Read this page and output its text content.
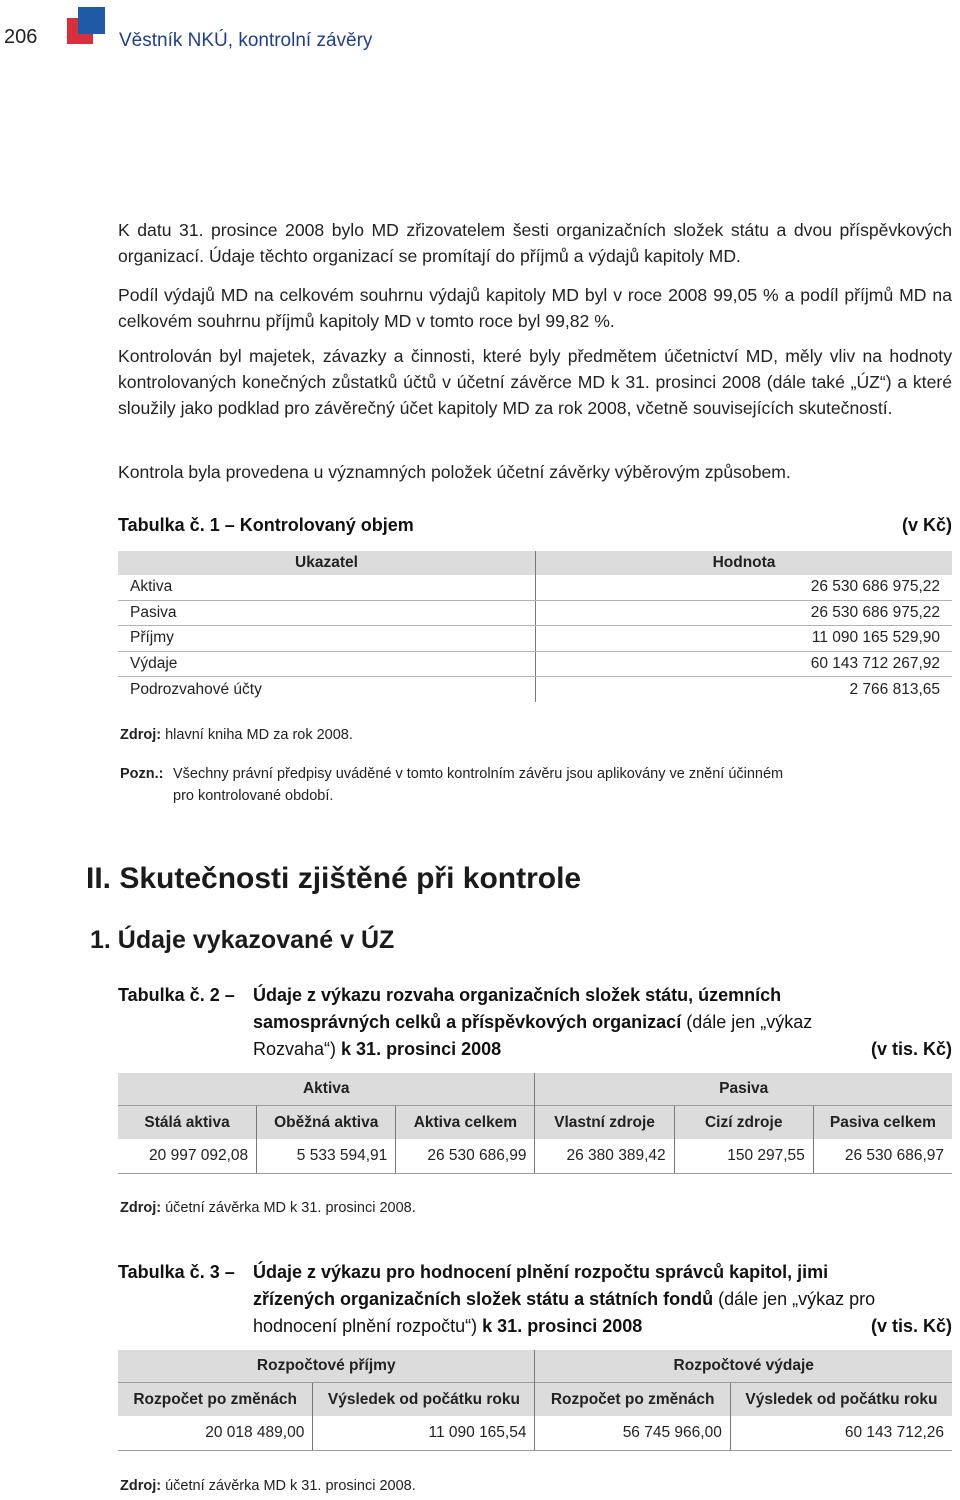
206	Věstník NKÚ, kontrolní závěry
K datu 31. prosince 2008 bylo MD zřizovatelem šesti organizačních složek státu a dvou příspěvkových organizací. Údaje těchto organizací se promítají do příjmů a výdajů kapitoly MD.
Podíl výdajů MD na celkovém souhrnu výdajů kapitoly MD byl v roce 2008 99,05 % a podíl příjmů MD na celkovém souhrnu příjmů kapitoly MD v tomto roce byl 99,82 %.
Kontrolován byl majetek, závazky a činnosti, které byly předmětem účetnictví MD, měly vliv na hodnoty kontrolovaných konečných zůstatků účtů v účetní závěrce MD k 31. prosinci 2008 (dále také „ÚZ“) a které sloužily jako podklad pro závěrečný účet kapitoly MD za rok 2008, včetně souvisejících skutečností.
Kontrola byla provedena u významných položek účetní závěrky výběrovým způsobem.
Tabulka č. 1 – Kontrolovaný objem	(v Kč)
Ukazatel	Hodnota
Aktiva	26 530 686 975,22
Pasiva	26 530 686 975,22
Příjmy	11 090 165 529,90
Výdaje	60 143 712 267,92
Podrozvahové účty	2 766 813,65
Zdroj: hlavní kniha MD za rok 2008.
Pozn.: Všechny právní předpisy uváděné v tomto kontrolním závěru jsou aplikovány ve znění účinném
pro kontrolované období.
II. Skutečnosti zjištěné při kontrole
1. Údaje vykazované v ÚZ
Tabulka č. 2 – Údaje z výkazu rozvaha organizačních složek státu, územních
samosprávných celků a příspěvkových organizací (dále jen „výkaz
Rozvaha“) k 31. prosinci 2008	(v tis. Kč)
Aktiva			Pasiva		
Stálá aktiva	Oběžná aktiva	Aktiva celkem	Vlastní zdroje	Cizí zdroje	Pasiva celkem
20 997 092,08	5 533 594,91	26 530 686,99	26 380 389,42	150 297,55	26 530 686,97
Zdroj: účetní závěrka MD k 31. prosinci 2008.
Tabulka č. 3 – Údaje z výkazu pro hodnocení plnění rozpočtu správců kapitol, jimi
zřízených organizačních složek státu a státních fondů (dále jen „výkaz pro
hodnocení plnění rozpočtu“) k 31. prosinci 2008	(v tis. Kč)
Rozpočtové příjmy		Rozpočtové výdaje	
Rozpočet po změnách	Výsledek od počátku roku	Rozpočet po změnách	Výsledek od počátku roku
20 018 489,00	11 090 165,54	56 745 966,00	60 143 712,26
Zdroj: účetní závěrka MD k 31. prosinci 2008.
